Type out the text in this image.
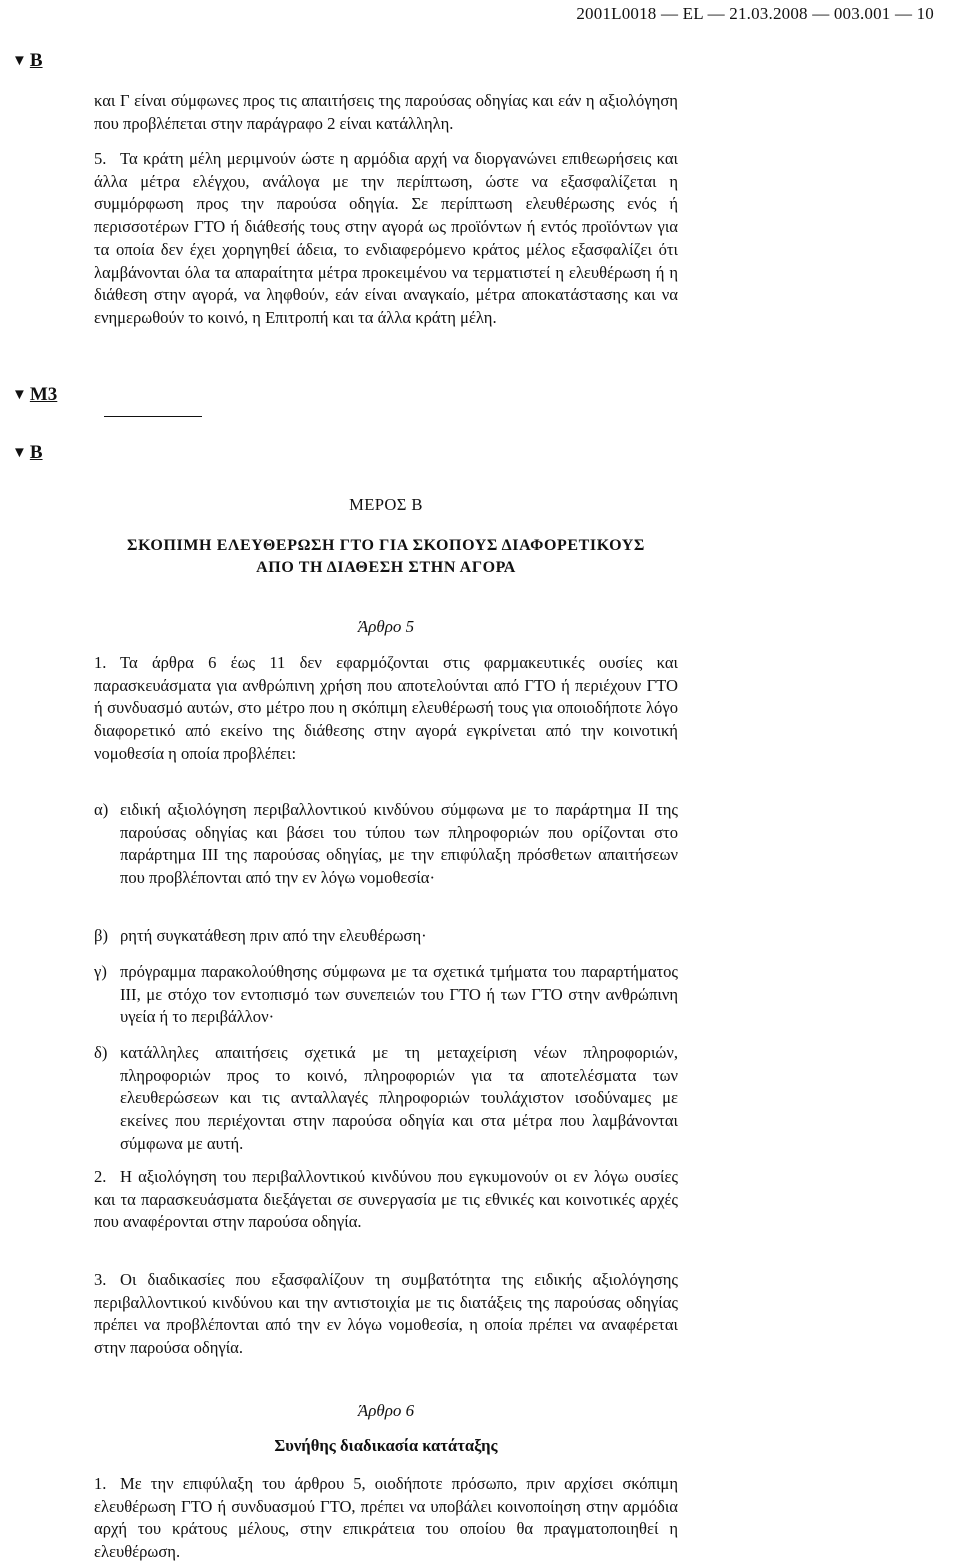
2001L0018 — EL — 21.03.2008 — 003.001 — 10
▼ B

και Γ είναι σύμφωνες προς τις απαιτήσεις της παρούσας οδηγίας και εάν η αξιολόγηση που προβλέπεται στην παράγραφο 2 είναι κατάλληλη.

5. Τα κράτη μέλη μεριμνούν ώστε η αρμόδια αρχή να διοργανώνει επιθεωρήσεις και άλλα μέτρα ελέγχου, ανάλογα με την περίπτωση, ώστε να εξασφαλίζεται η συμμόρφωση προς την παρούσα οδηγία. Σε περίπτωση ελευθέρωσης ενός ή περισσοτέρων ΓΤΟ ή διάθεσής τους στην αγορά ως προϊόντων ή εντός προϊόντων για τα οποία δεν έχει χορηγηθεί άδεια, το ενδιαφερόμενο κράτος μέλος εξασφαλίζει ότι λαμβάνονται όλα τα απαραίτητα μέτρα προκειμένου να τερματιστεί η ελευθέρωση ή η διάθεση στην αγορά, να ληφθούν, εάν είναι αναγκαίο, μέτρα αποκατάστασης και να ενημερωθούν το κοινό, η Επιτροπή και τα άλλα κράτη μέλη.

▼ M3
▼ B
ΜΕΡΟΣ Β
ΣΚΟΠΙΜΗ ΕΛΕΥΘΕΡΩΣΗ ΓΤΟ ΓΙΑ ΣΚΟΠΟΥΣ ΔΙΑΦΟΡΕΤΙΚΟΥΣ
ΑΠΟ ΤΗ ΔΙΑΘΕΣΗ ΣΤΗΝ ΑΓΟΡΑ
Άρθρο 5

1. Τα άρθρα 6 έως 11 δεν εφαρμόζονται στις φαρμακευτικές ουσίες και παρασκευάσματα για ανθρώπινη χρήση που αποτελούνται από ΓΤΟ ή περιέχουν ΓΤΟ ή συνδυασμό αυτών, στο μέτρο που η σκόπιμη ελευθέρωσή τους για οποιοδήποτε λόγο διαφορετικό από εκείνο της διάθεσης στην αγορά εγκρίνεται από την κοινοτική νομοθεσία η οποία προβλέπει:

α) ειδική αξιολόγηση περιβαλλοντικού κινδύνου σύμφωνα με το παράρτημα II της παρούσας οδηγίας και βάσει του τύπου των πληροφοριών που ορίζονται στο παράρτημα III της παρούσας οδηγίας, με την επιφύλαξη πρόσθετων απαιτήσεων που προβλέπονται από την εν λόγω νομοθεσία·
β) ρητή συγκατάθεση πριν από την ελευθέρωση·
γ) πρόγραμμα παρακολούθησης σύμφωνα με τα σχετικά τμήματα του παραρτήματος III, με στόχο τον εντοπισμό των συνεπειών του ΓΤΟ ή των ΓΤΟ στην ανθρώπινη υγεία ή το περιβάλλον·
δ) κατάλληλες απαιτήσεις σχετικά με τη μεταχείριση νέων πληροφοριών, πληροφοριών προς το κοινό, πληροφοριών για τα αποτελέσματα των ελευθερώσεων και τις ανταλλαγές πληροφοριών τουλάχιστον ισοδύναμες με εκείνες που περιέχονται στην παρούσα οδηγία και στα μέτρα που λαμβάνονται σύμφωνα με αυτή.

2. Η αξιολόγηση του περιβαλλοντικού κινδύνου που εγκυμονούν οι εν λόγω ουσίες και τα παρασκευάσματα διεξάγεται σε συνεργασία με τις εθνικές και κοινοτικές αρχές που αναφέρονται στην παρούσα οδηγία.

3. Οι διαδικασίες που εξασφαλίζουν τη συμβατότητα της ειδικής αξιολόγησης περιβαλλοντικού κινδύνου και την αντιστοιχία με τις διατάξεις της παρούσας οδηγίας πρέπει να προβλέπονται από την εν λόγω νομοθεσία, η οποία πρέπει να αναφέρεται στην παρούσα οδηγία.

Άρθρο 6
Συνήθης διαδικασία κατάταξης

1. Με την επιφύλαξη του άρθρου 5, οιοδήποτε πρόσωπο, πριν αρχίσει σκόπιμη ελευθέρωση ΓΤΟ ή συνδυασμού ΓΤΟ, πρέπει να υποβάλει κοινοποίηση στην αρμόδια αρχή του κράτους μέλους, στην επικράτεια του οποίου θα πραγματοποιηθεί η ελευθέρωση.
